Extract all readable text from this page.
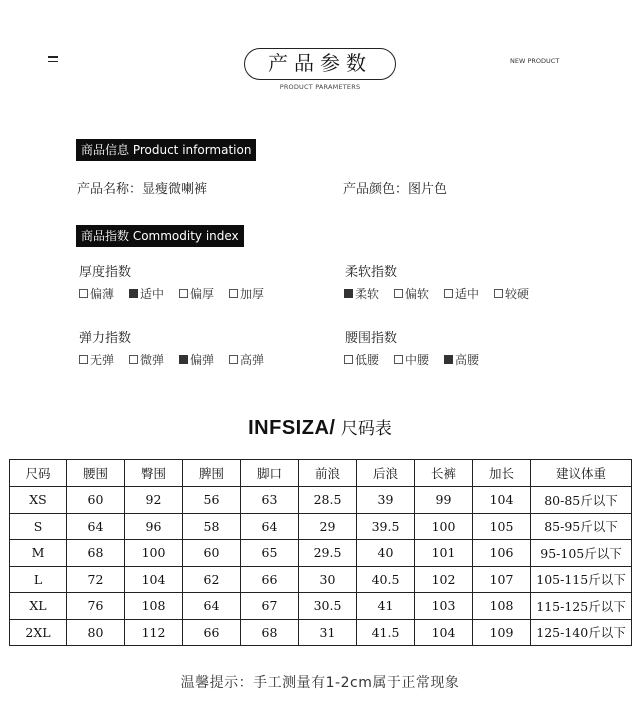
产品参数
PRODUCT PARAMETERS
NEW PRODUCT
商品信息 Product information
产品名称：显瘦微喇裤	产品颜色：图片色
商品指数 Commodity index
厚度指数
偏薄 适中 偏厚 加厚
柔软指数
柔软 偏软 适中 较硬
弹力指数
无弹 微弹 偏弹 高弹
腰围指数
低腰 中腰 高腰
INFSIZA/ 尺码表
尺码	腰围	臀围	脾围	脚口	前浪	后浪	长裤	加长	建议体重
XS	60	92	56	63	28.5	39	99	104	80-85斤以下
S	64	96	58	64	29	39.5	100	105	85-95斤以下
M	68	100	60	65	29.5	40	101	106	95-105斤以下
L	72	104	62	66	30	40.5	102	107	105-115斤以下
XL	76	108	64	67	30.5	41	103	108	115-125斤以下
2XL	80	112	66	68	31	41.5	104	109	125-140斤以下
温馨提示：手工测量有1-2cm属于正常现象
